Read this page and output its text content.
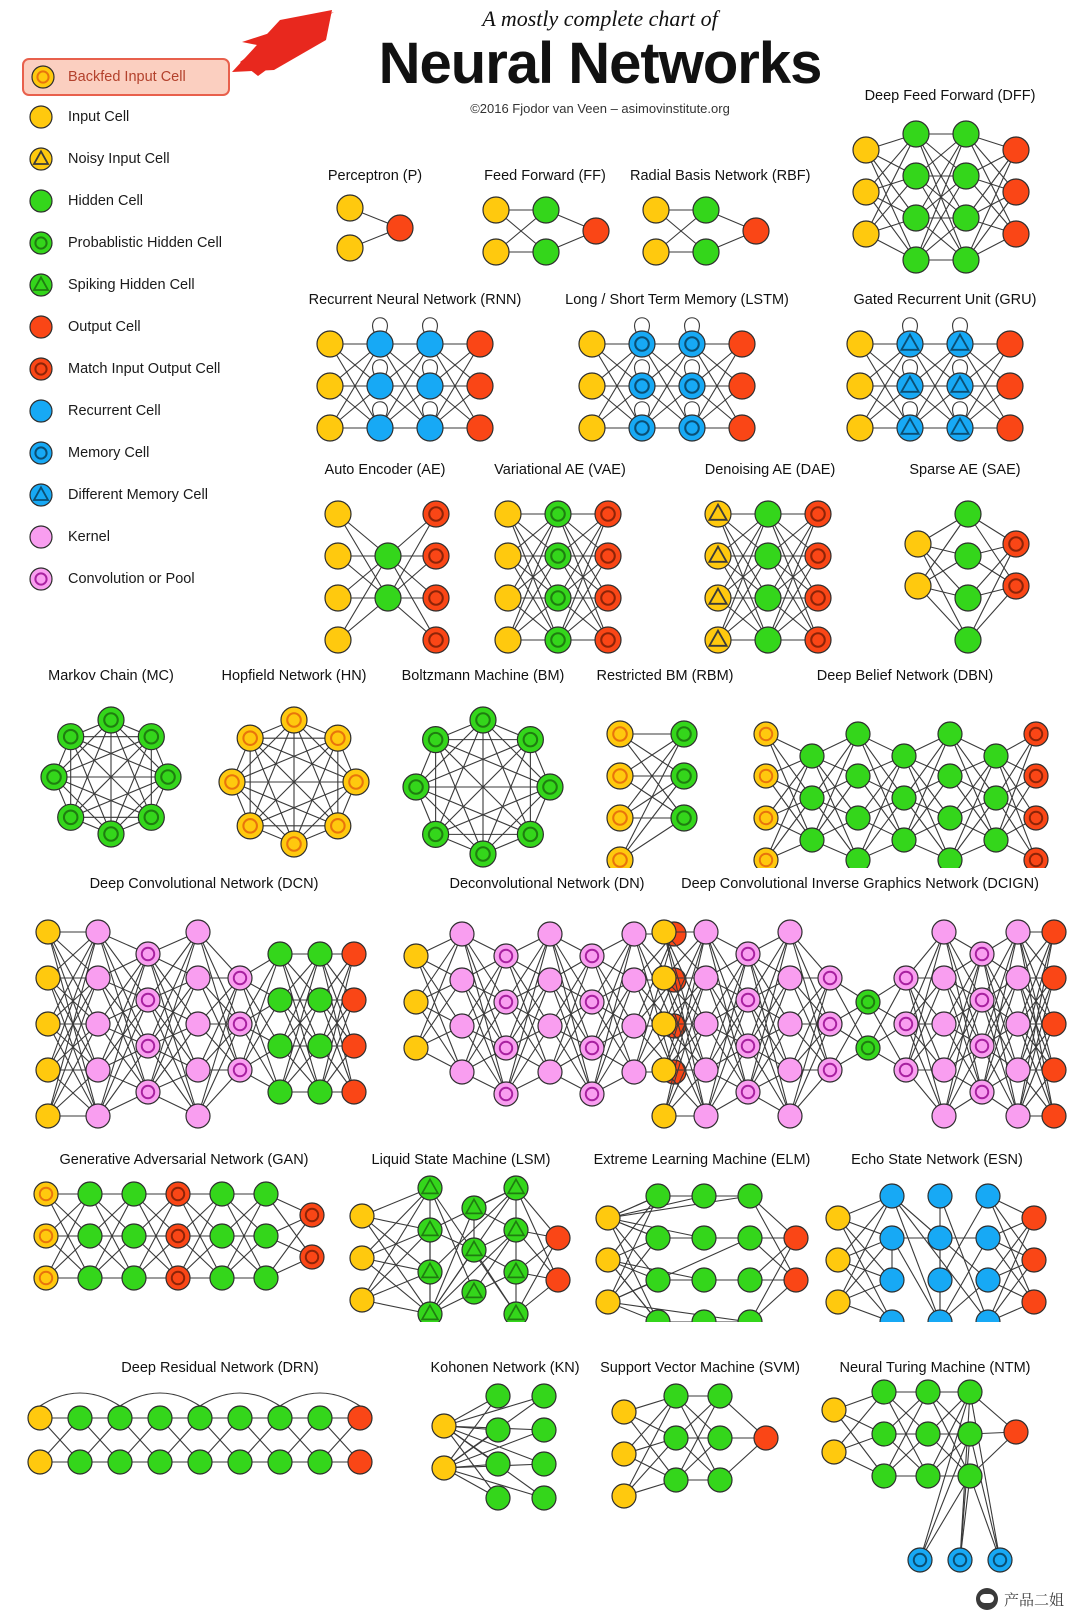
A mostly complete chart of
Neural Networks
©2016 Fjodor van Veen – asimovinstitute.org
Backfed Input Cell
Input Cell
Noisy Input Cell
Hidden Cell
Probablistic Hidden Cell
Spiking Hidden Cell
Output Cell
Match Input Output Cell
Recurrent Cell
Memory Cell
Different Memory Cell
Kernel
Convolution or Pool
Perceptron (P)	Feed Forward (FF)	Radial Basis Network (RBF)
Deep Feed Forward (DFF)
Recurrent Neural Network (RNN)	Long / Short Term Memory (LSTM)	Gated Recurrent Unit (GRU)
Auto Encoder (AE)	Variational AE (VAE)	Denoising AE (DAE)	Sparse AE (SAE)
Markov Chain (MC)	Hopfield Network (HN)	Boltzmann Machine (BM)	Restricted BM (RBM)	Deep Belief Network (DBN)
Deep Convolutional Network (DCN)	Deconvolutional Network (DN)	Deep Convolutional Inverse Graphics Network (DCIGN)
Generative Adversarial Network (GAN)	Liquid State Machine (LSM)	Extreme Learning Machine (ELM)	Echo State Network (ESN)
Deep Residual Network (DRN)	Kohonen Network (KN)	Support Vector Machine (SVM)	Neural Turing Machine (NTM)
产品二姐
